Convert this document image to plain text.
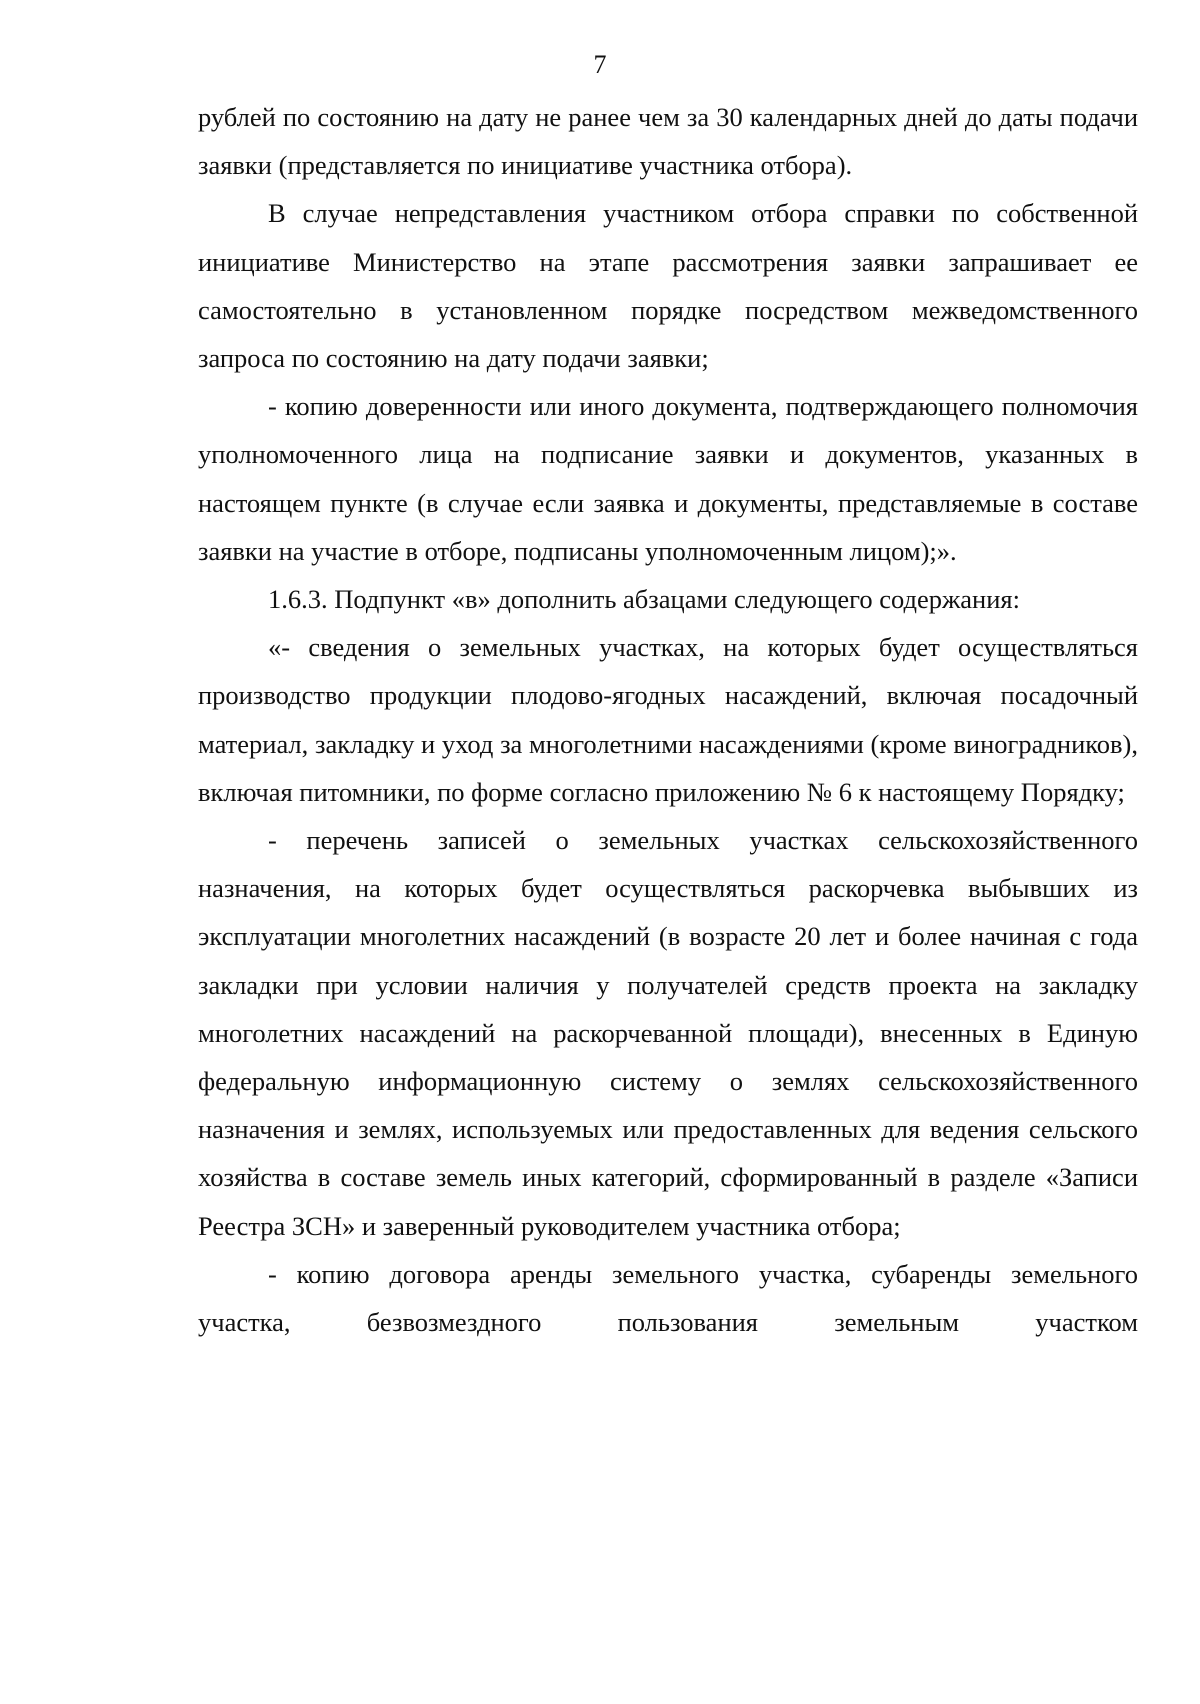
7

рублей по состоянию на дату не ранее чем за 30 календарных дней до даты подачи заявки (представляется по инициативе участника отбора).

В случае непредставления участником отбора справки по собственной инициативе Министерство на этапе рассмотрения заявки запрашивает ее самостоятельно в установленном порядке посредством межведомственного запроса по состоянию на дату подачи заявки;

- копию доверенности или иного документа, подтверждающего полномочия уполномоченного лица на подписание заявки и документов, указанных в настоящем пункте (в случае если заявка и документы, представляемые в составе заявки на участие в отборе, подписаны уполномоченным лицом);».

1.6.3. Подпункт «в» дополнить абзацами следующего содержания:

«- сведения о земельных участках, на которых будет осуществляться производство продукции плодово-ягодных насаждений, включая посадочный материал, закладку и уход за многолетними насаждениями (кроме виноградников), включая питомники, по форме согласно приложению № 6 к настоящему Порядку;

- перечень записей о земельных участках сельскохозяйственного назначения, на которых будет осуществляться раскорчевка выбывших из эксплуатации многолетних насаждений (в возрасте 20 лет и более начиная с года закладки при условии наличия у получателей средств проекта на закладку многолетних насаждений на раскорчеванной площади), внесенных в Единую федеральную информационную систему о землях сельскохозяйственного назначения и землях, используемых или предоставленных для ведения сельского хозяйства в составе земель иных категорий, сформированный в разделе «Записи Реестра ЗСН» и заверенный руководителем участника отбора;

- копию договора аренды земельного участка, субаренды земельного участка, безвозмездного пользования земельным участком
